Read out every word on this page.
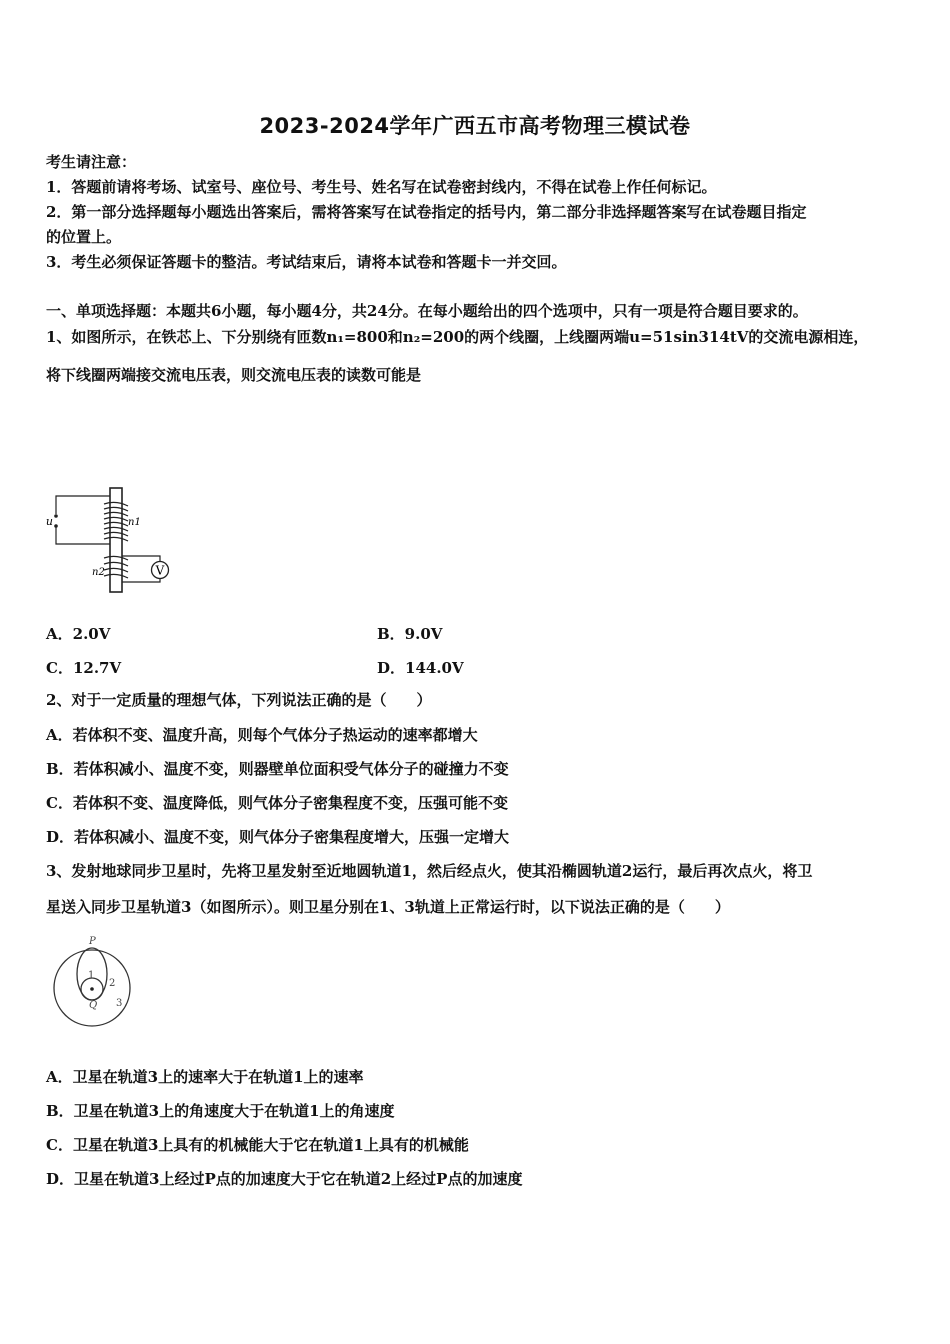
2023-2024学年广西五市高考物理三模试卷
考生请注意：
1．答题前请将考场、试室号、座位号、考生号、姓名写在试卷密封线内，不得在试卷上作任何标记。
2．第一部分选择题每小题选出答案后，需将答案写在试卷指定的括号内，第二部分非选择题答案写在试卷题目指定
的位置上。
3．考生必须保证答题卡的整洁。考试结束后，请将本试卷和答题卡一并交回。
一、单项选择题：本题共6小题，每小题4分，共24分。在每小题给出的四个选项中，只有一项是符合题目要求的。
1、如图所示，在铁芯上、下分别绕有匝数n₁=800和n₂=200的两个线圈，上线圈两端u=51sin314tV的交流电源相连，
将下线圈两端接交流电压表，则交流电压表的读数可能是
V
u	n1
n2
A．2.0V	B．9.0V
C．12.7V	D．144.0V
2、对于一定质量的理想气体，下列说法正确的是（　　）
A．若体积不变、温度升高，则每个气体分子热运动的速率都增大
B．若体积减小、温度不变，则器壁单位面积受气体分子的碰撞力不变
C．若体积不变、温度降低，则气体分子密集程度不变，压强可能不变
D．若体积减小、温度不变，则气体分子密集程度增大，压强一定增大
3、发射地球同步卫星时，先将卫星发射至近地圆轨道1，然后经点火，使其沿椭圆轨道2运行，最后再次点火，将卫
星送入同步卫星轨道3（如图所示）。则卫星分别在1、3轨道上正常运行时，以下说法正确的是（　　）
P
Q
1
2
3
A．卫星在轨道3上的速率大于在轨道1上的速率
B．卫星在轨道3上的角速度大于在轨道1上的角速度
C．卫星在轨道3上具有的机械能大于它在轨道1上具有的机械能
D．卫星在轨道3上经过P点的加速度大于它在轨道2上经过P点的加速度
